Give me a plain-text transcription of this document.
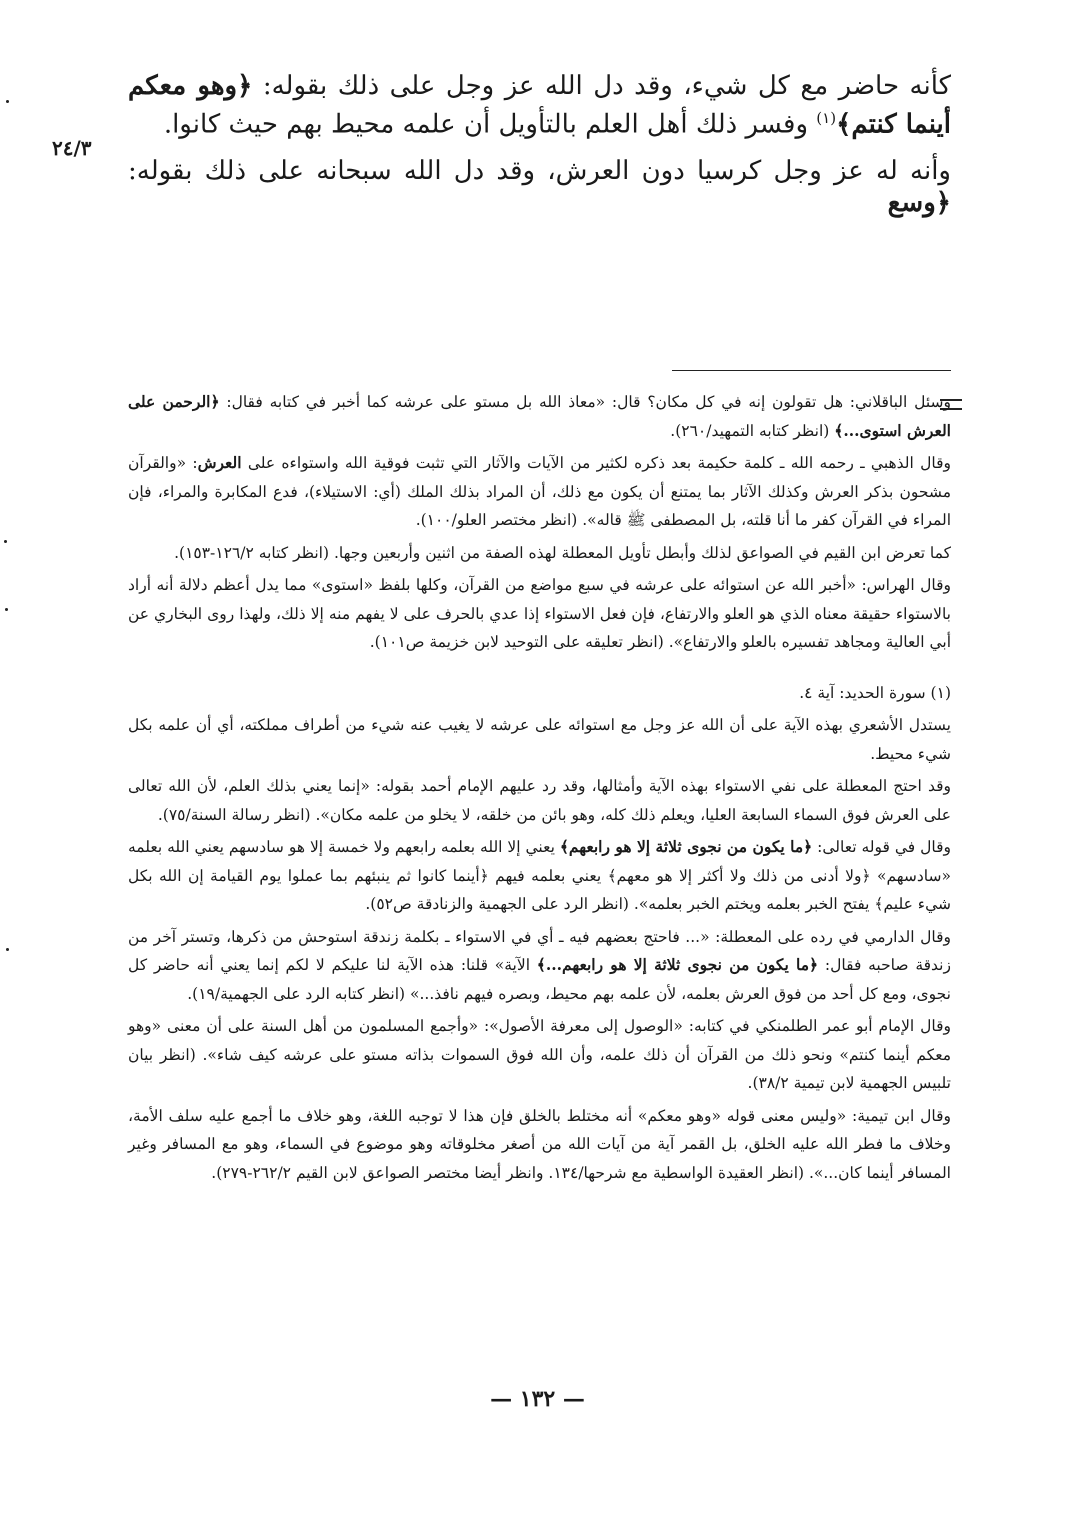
٢٤/٣

كأنه حاضر مع كل شيء، وقد دل الله عز وجل على ذلك بقوله: ﴿وهو معكم أينما كنتم﴾$^{(١)}$ وفسر ذلك أهل العلم بالتأويل أن علمه محيط بهم حيث كانوا.

وأنه له عز وجل كرسيا دون العرش، وقد دل الله سبحانه على ذلك بقوله: ﴿وسع

وسئل الباقلاني: هل تقولون إنه في كل مكان؟ قال: «معاذ الله بل مستو على عرشه كما أخبر في كتابه فقال: ﴿الرحمن على العرش استوى...﴾ (انظر كتابه التمهيد/٢٦٠).

وقال الذهبي ـ رحمه الله ـ كلمة حكيمة بعد ذكره لكثير من الآيات والآثار التي تثبت فوقية الله واستواءه على العرش: «والقرآن مشحون بذكر العرش وكذلك الآثار بما يمتنع أن يكون مع ذلك، أن المراد بذلك الملك (أي: الاستيلاء)، فدع المكابرة والمراء، فإن المراء في القرآن كفر ما أنا قلته، بل المصطفى ﷺ قاله». (انظر مختصر العلو/١٠٠).

كما تعرض ابن القيم في الصواعق لذلك وأبطل تأويل المعطلة لهذه الصفة من اثنين وأربعين وجها. (انظر كتابه ١٢٦/٢-١٥٣).

وقال الهراس: «أخبر الله عن استوائه على عرشه في سبع مواضع من القرآن، وكلها بلفظ «استوى» مما يدل أعظم دلالة أنه أراد بالاستواء حقيقة معناه الذي هو العلو والارتفاع، فإن فعل الاستواء إذا عدي بالحرف على لا يفهم منه إلا ذلك، ولهذا روى البخاري عن أبي العالية ومجاهد تفسيره بالعلو والارتفاع». (انظر تعليقه على التوحيد لابن خزيمة ص١٠١).

(١) سورة الحديد: آية ٤.

يستدل الأشعري بهذه الآية على أن الله عز وجل مع استوائه على عرشه لا يغيب عنه شيء من أطراف مملكته، أي أن علمه بكل شيء محيط.

وقد احتج المعطلة على نفي الاستواء بهذه الآية وأمثالها، وقد رد عليهم الإمام أحمد بقوله: «إنما يعني بذلك العلم، لأن الله تعالى على العرش فوق السماء السابعة العليا، ويعلم ذلك كله، وهو بائن من خلقه، لا يخلو من علمه مكان». (انظر رسالة السنة/٧٥).

وقال في قوله تعالى: ﴿ما يكون من نجوى ثلاثة إلا هو رابعهم﴾ يعني إلا الله بعلمه رابعهم ولا خمسة إلا هو سادسهم يعني الله بعلمه «سادسهم» ﴿ولا أدنى من ذلك ولا أكثر إلا هو معهم﴾ يعني بعلمه فيهم ﴿أينما كانوا ثم ينبئهم بما عملوا يوم القيامة إن الله بكل شيء عليم﴾ يفتح الخبر بعلمه ويختم الخبر بعلمه». (انظر الرد على الجهمية والزنادقة ص٥٢).

وقال الدارمي في رده على المعطلة: «... فاحتج بعضهم فيه ـ أي في الاستواء ـ بكلمة زندقة استوحش من ذكرها، وتستر آخر من زندقة صاحبه فقال: ﴿ما يكون من نجوى ثلاثة إلا هو رابعهم...﴾ الآية» قلنا: هذه الآية لنا عليكم لا لكم إنما يعني أنه حاضر كل نجوى، ومع كل أحد من فوق العرش بعلمه، لأن علمه بهم محيط، وبصره فيهم نافذ...» (انظر كتابه الرد على الجهمية/١٩).

وقال الإمام أبو عمر الطلمنكي في كتابه: «الوصول إلى معرفة الأصول»: «وأجمع المسلمون من أهل السنة على أن معنى «وهو معكم أينما كنتم» ونحو ذلك من القرآن أن ذلك علمه، وأن الله فوق السموات بذاته مستو على عرشه كيف شاء». (انظر بيان تلبيس الجهمية لابن تيمية ٣٨/٢).

وقال ابن تيمية: «وليس معنى قوله «وهو معكم» أنه مختلط بالخلق فإن هذا لا توجبه اللغة، وهو خلاف ما أجمع عليه سلف الأمة، وخلاف ما فطر الله عليه الخلق، بل القمر آية من آيات الله من أصغر مخلوقاته وهو موضوع في السماء، وهو مع المسافر وغير المسافر أينما كان...». (انظر العقيدة الواسطية مع شرحها/١٣٤. وانظر أيضا مختصر الصواعق لابن القيم ٢٦٢/٢-٢٧٩).

— ١٣٢ —
